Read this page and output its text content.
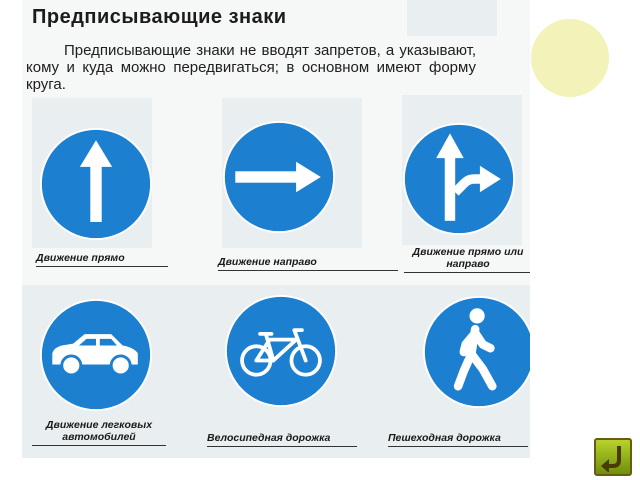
Предписывающие знаки

Предписывающие знаки не вводят запретов, а указывают, кому и куда можно передвигаться; в основном имеют форму круга.

Движение прямо	Движение направо
Движение прямо или направо
Движение легковых автомобилей	Велосипедная дорожка	Пешеходная дорожка
